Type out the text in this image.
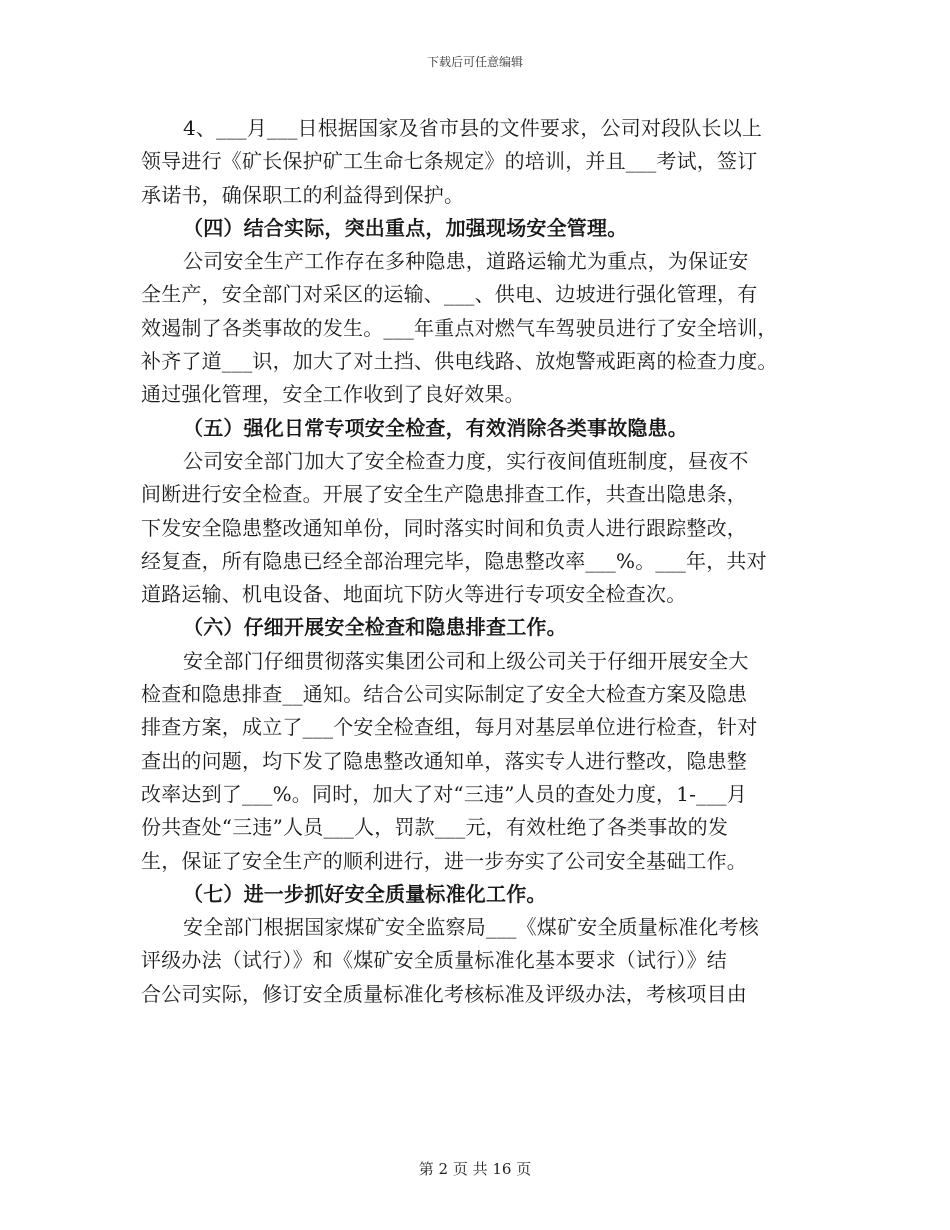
下载后可任意编辑
4、___月___日根据国家及省市县的文件要求，公司对段队长以上
领导进行《矿长保护矿工生命七条规定》的培训，并且___考试，签订
承诺书，确保职工的利益得到保护。
（四）结合实际，突出重点，加强现场安全管理。
公司安全生产工作存在多种隐患，道路运输尤为重点，为保证安
全生产，安全部门对采区的运输、___、供电、边坡进行强化管理，有
效遏制了各类事故的发生。___年重点对燃气车驾驶员进行了安全培训，
补齐了道___识，加大了对土挡、供电线路、放炮警戒距离的检查力度。
通过强化管理，安全工作收到了良好效果。
（五）强化日常专项安全检查，有效消除各类事故隐患。
公司安全部门加大了安全检查力度，实行夜间值班制度，昼夜不
间断进行安全检查。开展了安全生产隐患排查工作，共查出隐患条，
下发安全隐患整改通知单份，同时落实时间和负责人进行跟踪整改，
经复查，所有隐患已经全部治理完毕，隐患整改率___%。___年，共对
道路运输、机电设备、地面坑下防火等进行专项安全检查次。
（六）仔细开展安全检查和隐患排查工作。
安全部门仔细贯彻落实集团公司和上级公司关于仔细开展安全大
检查和隐患排查__通知。结合公司实际制定了安全大检查方案及隐患
排查方案，成立了___个安全检查组，每月对基层单位进行检查，针对
查出的问题，均下发了隐患整改通知单，落实专人进行整改，隐患整
改率达到了___%。同时，加大了对“三违”人员的查处力度，1-___月
份共查处“三违”人员___人，罚款___元，有效杜绝了各类事故的发
生，保证了安全生产的顺利进行，进一步夯实了公司安全基础工作。
（七）进一步抓好安全质量标准化工作。
安全部门根据国家煤矿安全监察局___《煤矿安全质量标准化考核
评级办法（试行）》和《煤矿安全质量标准化基本要求（试行）》结
合公司实际，修订安全质量标准化考核标准及评级办法，考核项目由
第 2 页 共 16 页
